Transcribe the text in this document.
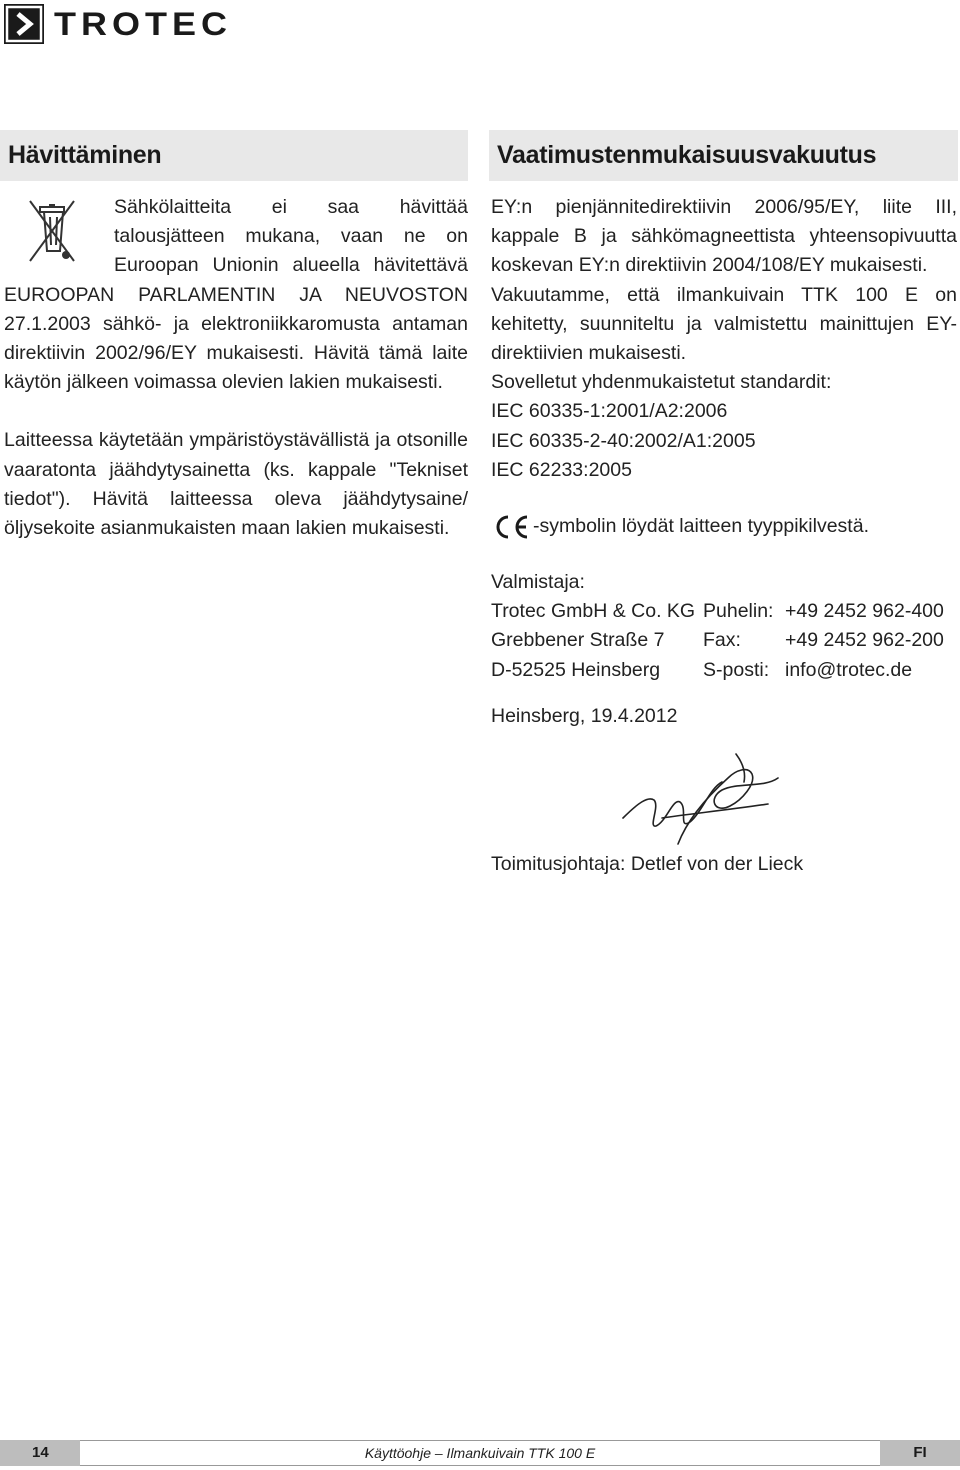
TROTEC
Hävittäminen	Vaatimustenmukaisuusvakuutus

Sähkölaitteita ei saa hävittää talousjätteen mukana, vaan ne on Euroopan Unionin alueella hävitettävä EUROOPAN PARLAMENTIN JA NEUVOSTON 27.1.2003 sähkö- ja elektroniikkaromusta antaman direktiivin 2002/96/EY mukaisesti. Hävitä tämä laite käytön jälkeen voimassa olevien lakien mukaisesti.

Laitteessa käytetään ympäristöystävällistä ja otsonille vaaratonta jäähdytysainetta (ks. kappale "Tekniset tiedot"). Hävitä laitteessa oleva jäähdytysaine/öljysekoite asianmukaisten maan lakien mukaisesti.

EY:n pienjännitedirektiivin 2006/95/EY, liite III, kappale B ja sähkömagneettista yhteensopivuutta koskevan EY:n direktiivin 2004/108/EY mukaisesti.

Vakuutamme, että ilmankuivain TTK 100 E on kehitetty, suunniteltu ja valmistettu mainittujen EY-direktiivien mukaisesti.

Sovelletut yhdenmukaistetut standardit:

IEC 60335-1:2001/A2:2006

IEC 60335-2-40:2002/A1:2005

IEC 62233:2005

-symbolin löydät laitteen tyyppikilvestä.

Valmistaja:
Trotec GmbH & Co. KG Puhelin: +49 2452 962-400
Grebbener Straße 7	Fax:	+49 2452 962-200
D-52525 Heinsberg	S-posti: info@trotec.de
Heinsberg, 19.4.2012
Toimitusjohtaja: Detlef von der Lieck
14	Käyttöohje – Ilmankuivain TTK 100 E	FI
